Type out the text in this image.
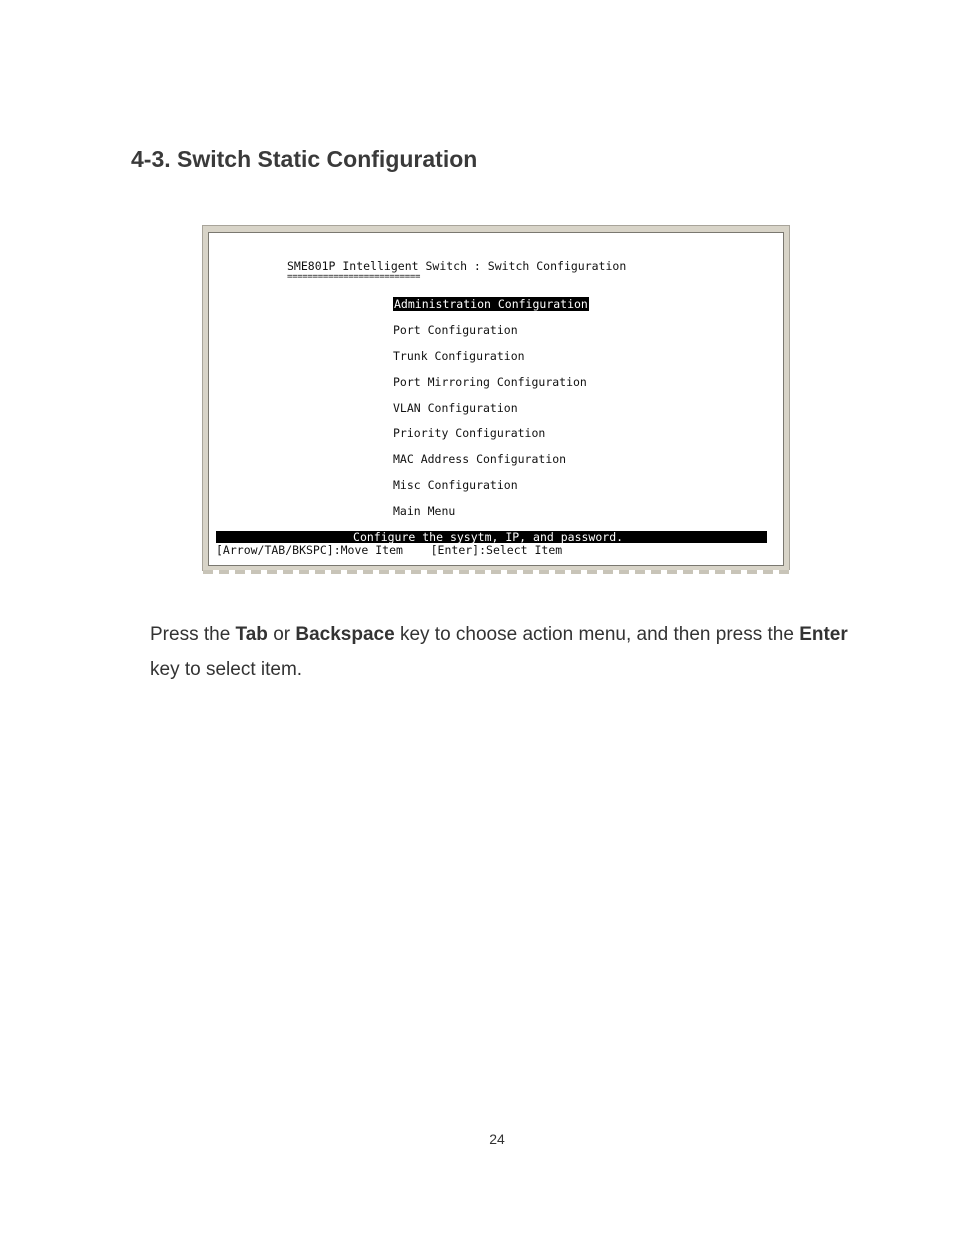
4-3. Switch Static Configuration
SME801P Intelligent Switch : Switch Configuration
==========================
Administration Configuration
Port Configuration
Trunk Configuration
Port Mirroring Configuration
VLAN Configuration
Priority Configuration
MAC Address Configuration
Misc Configuration
Main Menu
Configure the sysytm, IP, and password._
[Arrow/TAB/BKSPC]:Move Item    [Enter]:Select Item

Press the Tab or Backspace key to choose action menu, and then press the Enter key to select item.

24
